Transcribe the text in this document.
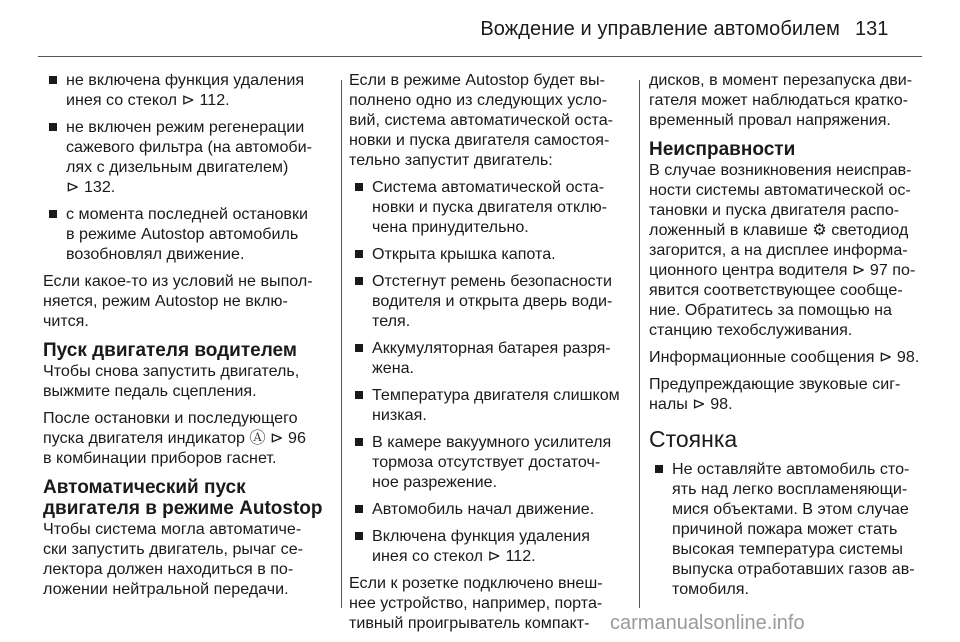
Вождение и управление автомобилем 131
не включена функция удаления
инея со стекол ⊳ 112.
не включен режим регенерации
сажевого фильтра (на автомоби‐
лях с дизельным двигателем)
⊳ 132.
с момента последней остановки
в режиме Autostop автомобиль
возобновлял движение.

Если какое-то из условий не выпол‐
няется, режим Autostop не вклю‐
чится.

Пуск двигателя водителем

Чтобы снова запустить двигатель,
выжмите педаль сцепления.

После остановки и последующего
пуска двигателя индикатор Ⓐ ⊳ 96
в комбинации приборов гаснет.

Автоматический пуск
двигателя в режиме Autostop

Чтобы система могла автоматиче‐
ски запустить двигатель, рычаг се‐
лектора должен находиться в по‐
ложении нейтральной передачи.

Если в режиме Autostop будет вы‐
полнено одно из следующих усло‐
вий, система автоматической оста‐
новки и пуска двигателя самостоя‐
тельно запустит двигатель:

Система автоматической оста‐
новки и пуска двигателя отклю‐
чена принудительно.
Открыта крышка капота.
Отстегнут ремень безопасности
водителя и открыта дверь води‐
теля.
Аккумуляторная батарея разря‐
жена.
Температура двигателя слишком
низкая.
В камере вакуумного усилителя
тормоза отсутствует достаточ‐
ное разрежение.
Автомобиль начал движение.
Включена функция удаления
инея со стекол ⊳ 112.

Если к розетке подключено внеш‐
нее устройство, например, порта‐
тивный проигрыватель компакт-

дисков, в момент перезапуска дви‐
гателя может наблюдаться кратко‐
временный провал напряжения.

Неисправности

В случае возникновения неисправ‐
ности системы автоматической ос‐
тановки и пуска двигателя распо‐
ложенный в клавише ⚙ светодиод
загорится, а на дисплее информа‐
ционного центра водителя ⊳ 97 по‐
явится соответствующее сообще‐
ние. Обратитесь за помощью на
станцию техобслуживания.

Информационные сообщения ⊳ 98.

Предупреждающие звуковые сиг‐
налы ⊳ 98.

Стоянка
Не оставляйте автомобиль сто‐
ять над легко воспламеняющи‐
мися объектами. В этом случае
причиной пожара может стать
высокая температура системы
выпуска отработавших газов ав‐
томобиля.
carmanualsonline.info
